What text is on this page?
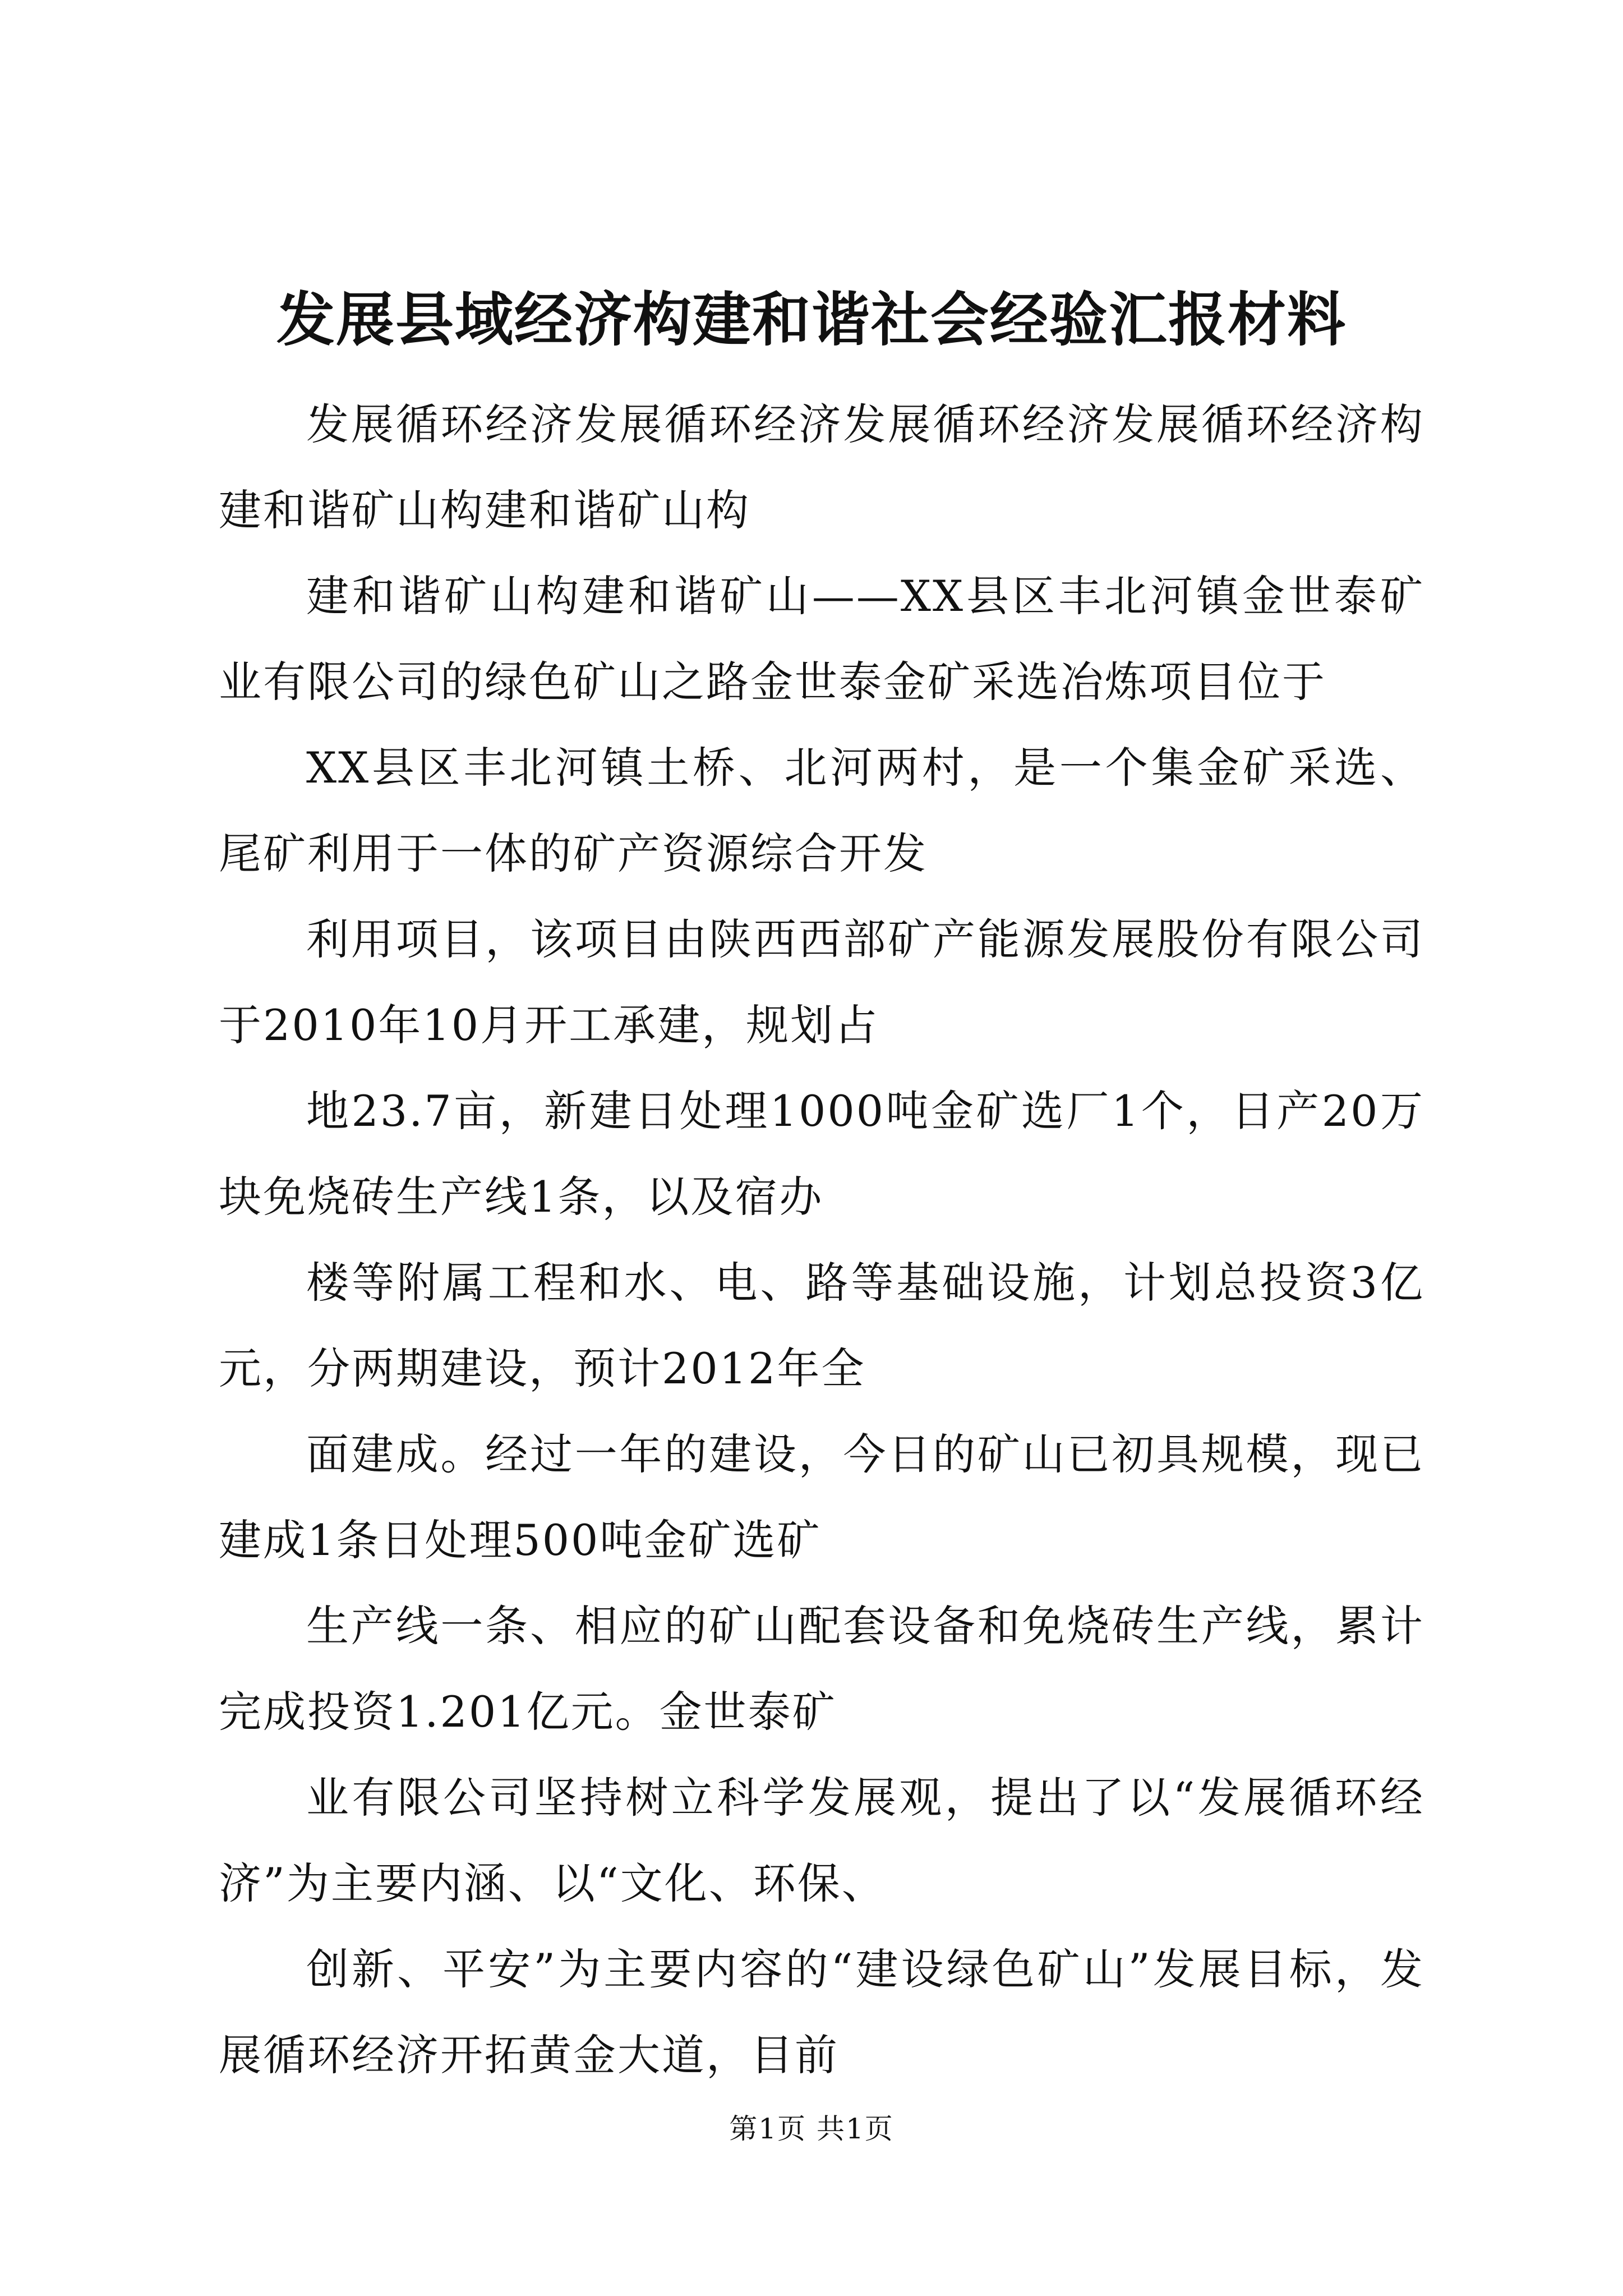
发展县域经济构建和谐社会经验汇报材料

发展循环经济发展循环经济发展循环经济发展循环经济构建和谐矿山构建和谐矿山构

建和谐矿山构建和谐矿山——XX县区丰北河镇金世泰矿业有限公司的绿色矿山之路金世泰金矿采选冶炼项目位于

XX县区丰北河镇土桥、北河两村，是一个集金矿采选、尾矿利用于一体的矿产资源综合开发

利用项目，该项目由陕西西部矿产能源发展股份有限公司于2010年10月开工承建，规划占

地23.7亩，新建日处理1000吨金矿选厂1个，日产20万块免烧砖生产线1条，以及宿办

楼等附属工程和水、电、路等基础设施，计划总投资3亿元，分两期建设，预计2012年全

面建成。经过一年的建设，今日的矿山已初具规模，现已建成1条日处理500吨金矿选矿

生产线一条、相应的矿山配套设备和免烧砖生产线，累计完成投资1.201亿元。金世泰矿

业有限公司坚持树立科学发展观，提出了以“发展循环经济”为主要内涵、以“文化、环保、

创新、平安”为主要内容的“建设绿色矿山”发展目标，发展循环经济开拓黄金大道，目前

第1页 共1页
